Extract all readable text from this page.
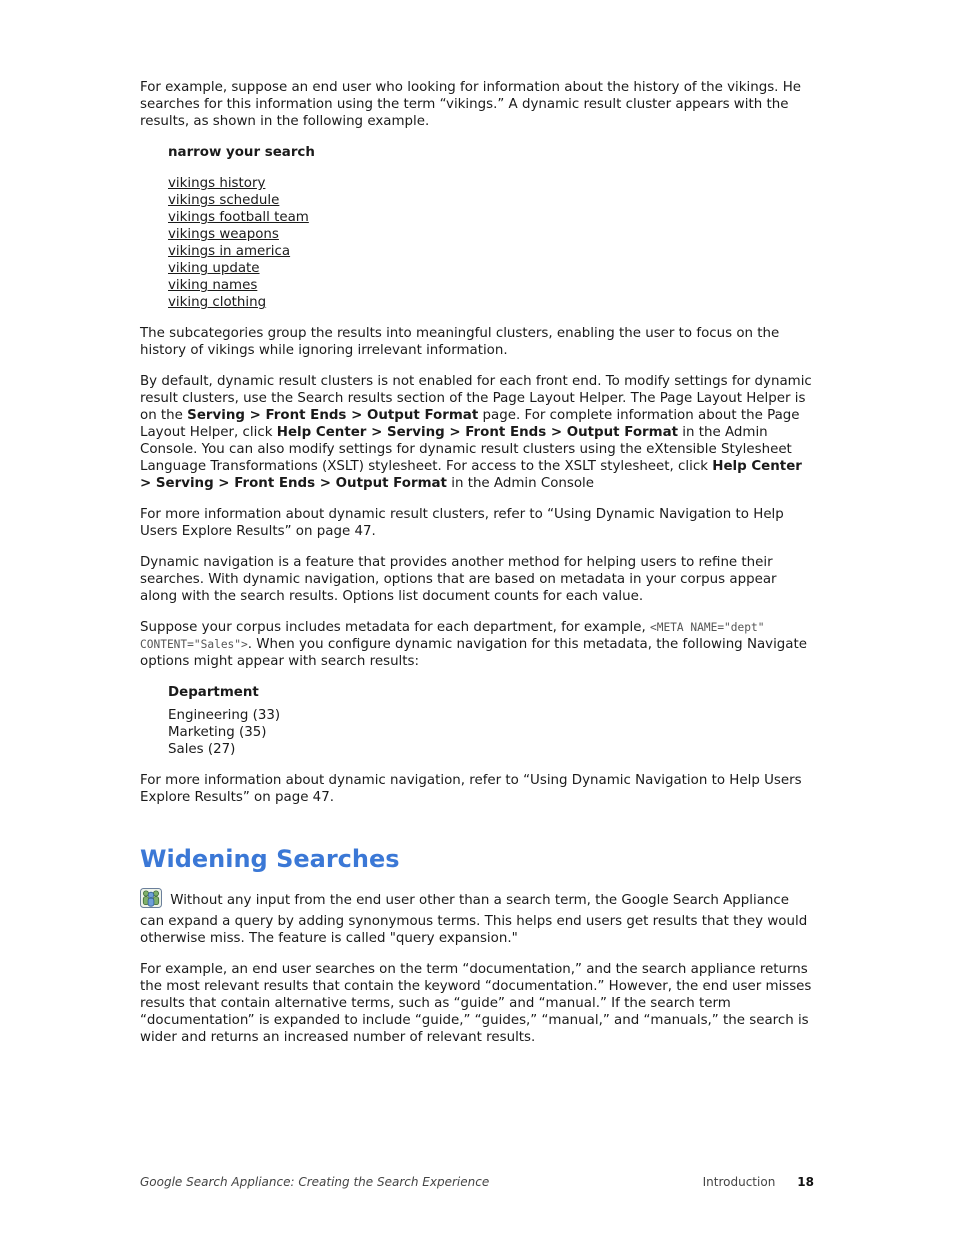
For example, suppose an end user who looking for information about the history of the vikings. He searches for this information using the term “vikings.” A dynamic result cluster appears with the results, as shown in the following example.

narrow your search
vikings history
vikings schedule
vikings football team
vikings weapons
vikings in america
viking update
viking names
viking clothing

The subcategories group the results into meaningful clusters, enabling the user to focus on the history of vikings while ignoring irrelevant information.

By default, dynamic result clusters is not enabled for each front end. To modify settings for dynamic result clusters, use the Search results section of the Page Layout Helper. The Page Layout Helper is on the Serving > Front Ends > Output Format page. For complete information about the Page Layout Helper, click Help Center > Serving > Front Ends > Output Format in the Admin Console. You can also modify settings for dynamic result clusters using the eXtensible Stylesheet Language Transformations (XSLT) stylesheet. For access to the XSLT stylesheet, click Help Center > Serving > Front Ends > Output Format in the Admin Console

For more information about dynamic result clusters, refer to “Using Dynamic Navigation to Help Users Explore Results” on page 47.

Dynamic navigation is a feature that provides another method for helping users to refine their searches. With dynamic navigation, options that are based on metadata in your corpus appear along with the search results. Options list document counts for each value.

Suppose your corpus includes metadata for each department, for example, <META NAME="dept" CONTENT="Sales">. When you configure dynamic navigation for this metadata, the following Navigate options might appear with search results:

Department
Engineering (33)
Marketing (35)
Sales (27)

For more information about dynamic navigation, refer to “Using Dynamic Navigation to Help Users Explore Results” on page 47.

Widening Searches

Without any input from the end user other than a search term, the Google Search Appliance can expand a query by adding synonymous terms. This helps end users get results that they would otherwise miss. The feature is called "query expansion."

For example, an end user searches on the term “documentation,” and the search appliance returns the most relevant results that contain the keyword “documentation.” However, the end user misses results that contain alternative terms, such as “guide” and “manual.” If the search term “documentation” is expanded to include “guide,” “guides,” “manual,” and “manuals,” the search is wider and returns an increased number of relevant results.

Google Search Appliance: Creating the Search Experience	Introduction 18
